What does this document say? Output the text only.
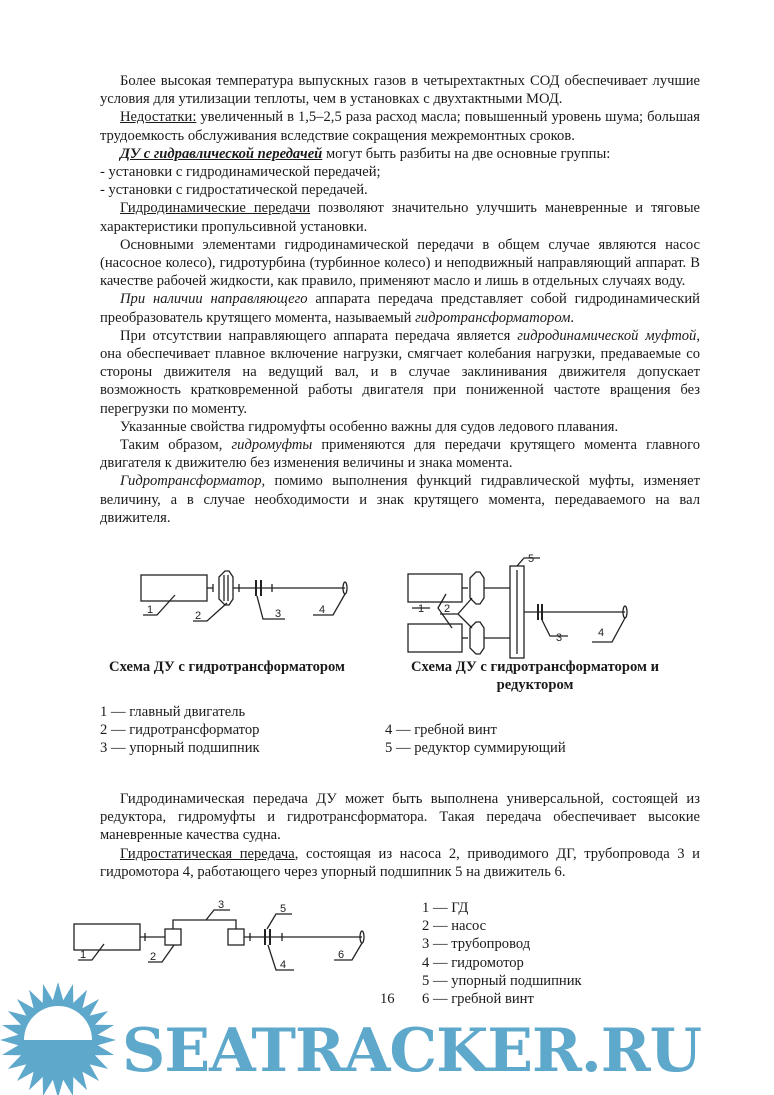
Более высокая температура выпускных газов в четырехтактных СОД обеспечивает лучшие условия для утилизации теплоты, чем в установках с двухтактными МОД.

Недостатки: увеличенный в 1,5–2,5 раза расход масла; повышенный уровень шума; большая трудоемкость обслуживания вследствие сокращения межремонтных сроков.

ДУ с гидравлической передачей могут быть разбиты на две основные группы:

- установки с гидродинамической передачей;

- установки с гидростатической передачей.

Гидродинамические передачи позволяют значительно улучшить маневренные и тяговые характеристики пропульсивной установки.

Основными элементами гидродинамической передачи в общем случае являются насос (насосное колесо), гидротурбина (турбинное колесо) и неподвижный направляющий аппарат. В качестве рабочей жидкости, как правило, применяют масло и лишь в отдельных случаях воду.

При наличии направляющего аппарата передача представляет собой гидродинамический преобразователь крутящего момента, называемый гидротрансформатором.

При отсутствии направляющего аппарата передача является гидродинамической муфтой, она обеспечивает плавное включение нагрузки, смягчает колебания нагрузки, предаваемые со стороны движителя на ведущий вал, и в случае заклинивания движителя допускает возможность кратковременной работы двигателя при пониженной частоте вращения без перегрузки по моменту.

Указанные свойства гидромуфты особенно важны для судов ледового плавания.

Таким образом, гидромуфты применяются для передачи крутящего момента главного двигателя к движителю без изменения величины и знака момента.

Гидротрансформатор, помимо выполнения функций гидравлической муфты, изменяет величину, а в случае необходимости и знак крутящего момента, передаваемого на вал движителя.

1	2	3	4
5
1 2
3	4
Схема ДУ с гидротрансформатором	Схема ДУ с гидротрансформатором и редуктором
1 — главный двигатель
2 — гидротрансформатор
3 — упорный подшипник
4 — гребной винт
5 — редуктор суммирующий

Гидродинамическая передача ДУ может быть выполнена универсальной, состоящей из редуктора, гидромуфты и гидротрансформатора. Такая передача обеспечивает высокие маневренные качества судна.

Гидростатическая передача, состоящая из насоса 2, приводимого ДГ, трубопровода 3 и гидромотора 4, работающего через упорный подшипник 5 на движитель 6.

1	2
3
4
5
6
1 — ГД
2 — насос
3 — трубопровод
4 — гидромотор
5 — упорный подшипник
6 — гребной винт
16
SEATRACKER.RU
